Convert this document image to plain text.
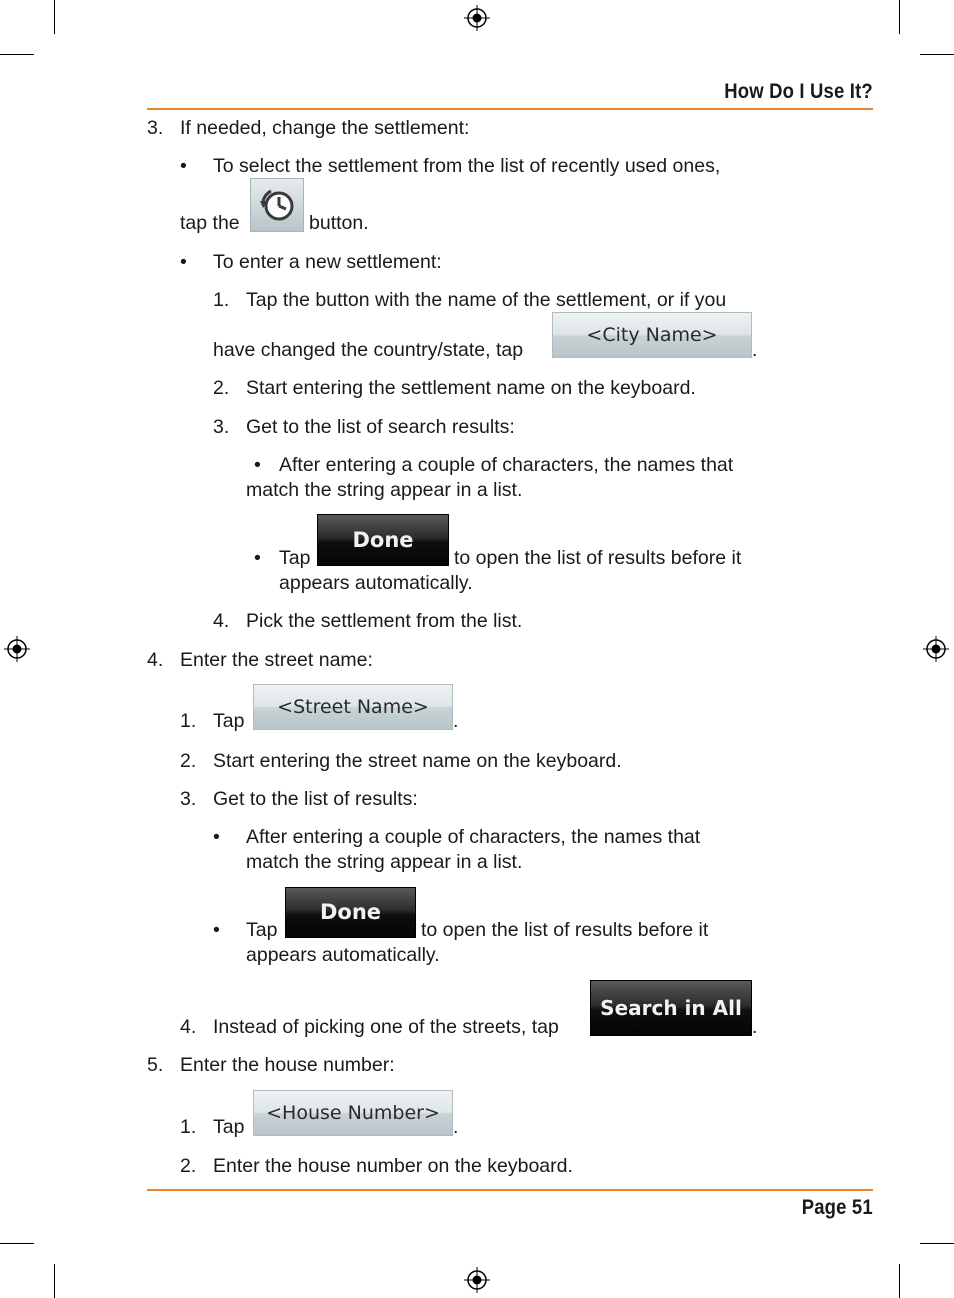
How Do I Use It?
3. If needed, change the settlement:
• To select the settlement from the list of recently used ones,
tap the	button.
• To enter a new settlement:
1. Tap the button with the name of the settlement, or if you
have changed the country/state, tap
<City Name>
.
2. Start entering the settlement name on the keyboard.
3. Get to the list of search results:
• After entering a couple of characters, the names that
match the string appear in a list.
• Tap
Done
to open the list of results before it
appears automatically.
4. Pick the settlement from the list.
4. Enter the street name:
1. Tap
<Street Name>
.
2. Start entering the street name on the keyboard.
3. Get to the list of results:
• After entering a couple of characters, the names that
match the string appear in a list.
• Tap
Done
to open the list of results before it
appears automatically.
4. Instead of picking one of the streets, tap
Search in All
.
5. Enter the house number:
1. Tap
<House Number>
.
2. Enter the house number on the keyboard.
Page 51
